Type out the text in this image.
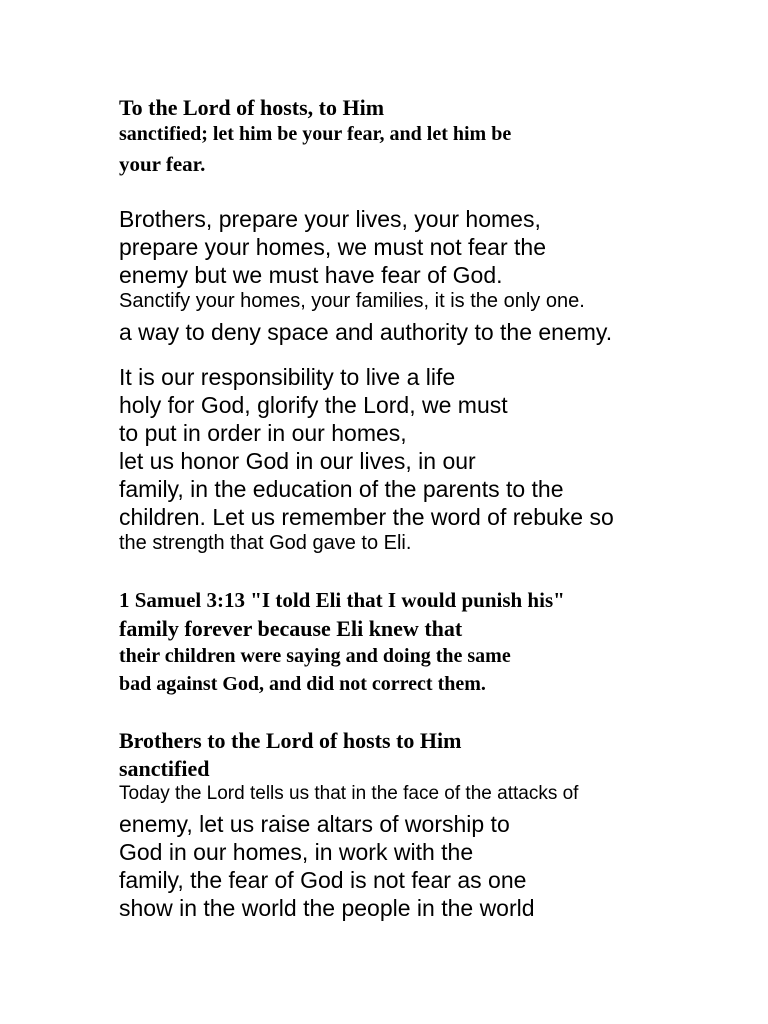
To the Lord of hosts, to Him

sanctified; let him be your fear, and let him be

your fear.

Brothers, prepare your lives, your homes,

prepare your homes, we must not fear the

enemy but we must have fear of God.

Sanctify your homes, your families, it is the only one.

a way to deny space and authority to the enemy.

It is our responsibility to live a life

holy for God, glorify the Lord, we must

to put in order in our homes,

let us honor God in our lives, in our

family, in the education of the parents to the

children. Let us remember the word of rebuke so

the strength that God gave to Eli.

1 Samuel 3:13 "I told Eli that I would punish his"

family forever because Eli knew that

their children were saying and doing the same

bad against God, and did not correct them.

Brothers to the Lord of hosts to Him

sanctified

Today the Lord tells us that in the face of the attacks of

enemy, let us raise altars of worship to

God in our homes, in work with the

family, the fear of God is not fear as one

show in the world the people in the world
